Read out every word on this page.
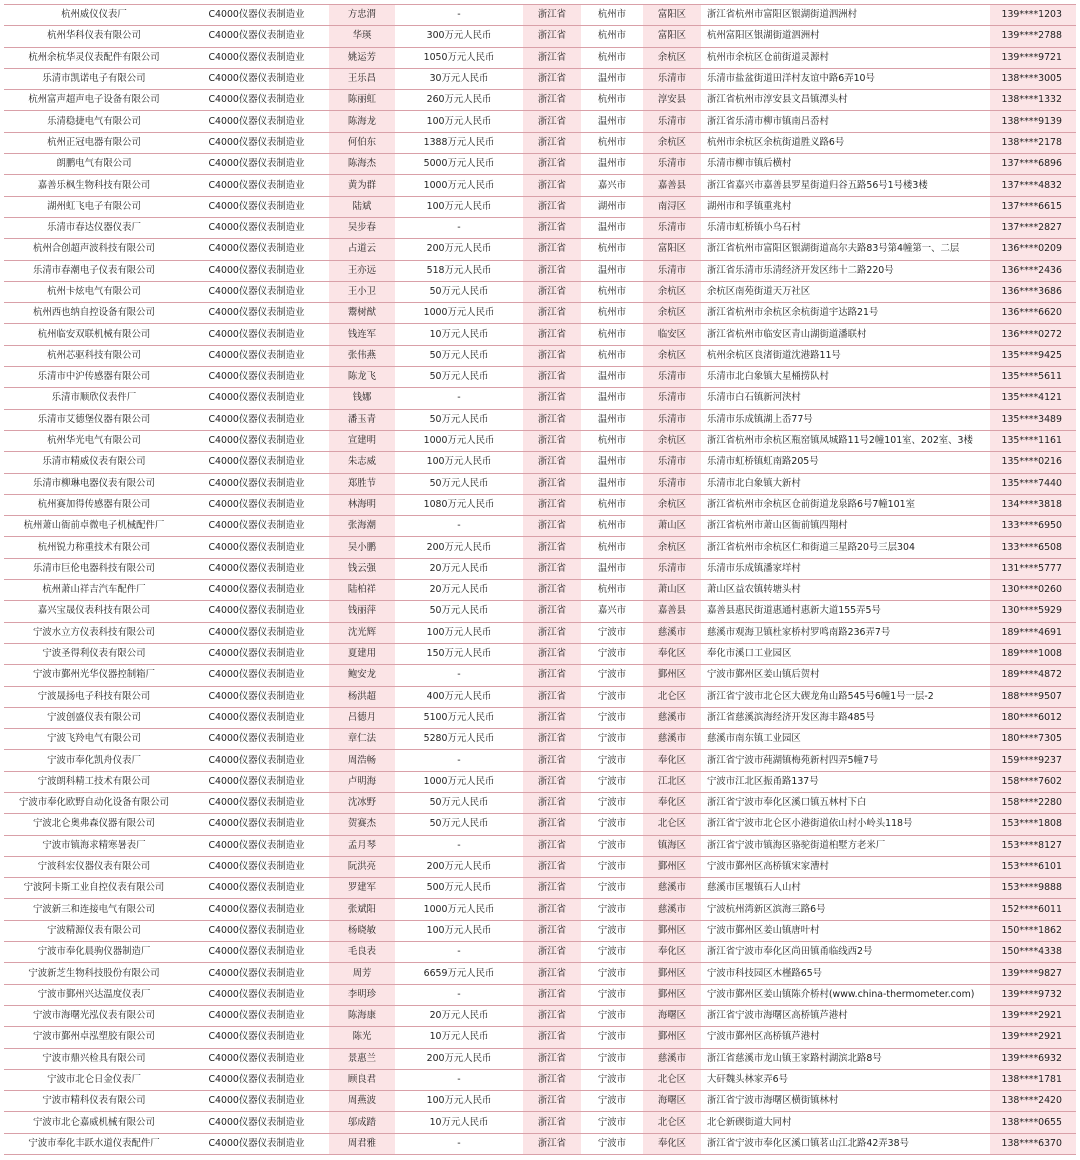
杭州威仪仪表厂	C4000仪器仪表制造业	方忠渭	-	浙江省	杭州市	富阳区	浙江省杭州市富阳区银湖街道泗洲村	139****1203
杭州华科仪表有限公司	C4000仪器仪表制造业	华瑛	300万元人民币	浙江省	杭州市	富阳区	杭州富阳区银湖街道泗洲村	139****2788
杭州余杭华灵仪表配件有限公司	C4000仪器仪表制造业	姚运芳	1050万元人民币	浙江省	杭州市	余杭区	杭州市余杭区仓前街道灵源村	139****9721
乐清市凯诺电子有限公司	C4000仪器仪表制造业	王乐昌	30万元人民币	浙江省	温州市	乐清市	乐清市盐盆街道田洋村友谊中路6弄10号	138****3005
杭州富声超声电子设备有限公司	C4000仪器仪表制造业	陈丽虹	260万元人民币	浙江省	杭州市	淳安县	浙江省杭州市淳安县文昌镇潭头村	138****1332
乐清稳捷电气有限公司	C4000仪器仪表制造业	陈海龙	100万元人民币	浙江省	温州市	乐清市	浙江省乐清市柳市镇南吕岙村	138****9139
杭州正冠电器有限公司	C4000仪器仪表制造业	何伯东	1388万元人民币	浙江省	杭州市	余杭区	杭州市余杭区余杭街道胜义路6号	138****2178
朗鹏电气有限公司	C4000仪器仪表制造业	陈海杰	5000万元人民币	浙江省	温州市	乐清市	乐清市柳市镇后横村	137****6896
嘉善乐枫生物科技有限公司	C4000仪器仪表制造业	黄为群	1000万元人民币	浙江省	嘉兴市	嘉善县	浙江省嘉兴市嘉善县罗星街道归谷五路56号1号楼3楼	137****4832
湖州虹飞电子有限公司	C4000仪器仪表制造业	陆斌	100万元人民币	浙江省	湖州市	南浔区	湖州市和孚镇重兆村	137****6615
乐清市春达仪器仪表厂	C4000仪器仪表制造业	吴步春	-	浙江省	温州市	乐清市	乐清市虹桥镇小乌石村	137****2827
杭州合创超声波科技有限公司	C4000仪器仪表制造业	占道云	200万元人民币	浙江省	杭州市	富阳区	浙江省杭州市富阳区银湖街道高尔夫路83号第4幢第一、二层	136****0209
乐清市春潮电子仪表有限公司	C4000仪器仪表制造业	王亦远	518万元人民币	浙江省	温州市	乐清市	浙江省乐清市乐清经济开发区纬十二路220号	136****2436
杭州卡炫电气有限公司	C4000仪器仪表制造业	王小卫	50万元人民币	浙江省	杭州市	余杭区	余杭区南苑街道天万社区	136****3686
杭州西也纳自控设备有限公司	C4000仪器仪表制造业	鬻树猷	1000万元人民币	浙江省	杭州市	余杭区	浙江省杭州市余杭区余杭街道宇达路21号	136****6620
杭州临安双联机械有限公司	C4000仪器仪表制造业	钱连军	10万元人民币	浙江省	杭州市	临安区	浙江省杭州市临安区青山湖街道潘联村	136****0272
杭州芯驱科技有限公司	C4000仪器仪表制造业	张伟燕	50万元人民币	浙江省	杭州市	余杭区	杭州余杭区良渚街道沈港路11号	135****9425
乐清市中沪传感器有限公司	C4000仪器仪表制造业	陈龙飞	50万元人民币	浙江省	温州市	乐清市	乐清市北白象镇大星桶捞队村	135****5611
乐清市顺欣仪表件厂	C4000仪器仪表制造业	钱娜	-	浙江省	温州市	乐清市	乐清市白石镇新河浃村	135****4121
乐清市艾德堡仪器有限公司	C4000仪器仪表制造业	潘玉青	50万元人民币	浙江省	温州市	乐清市	乐清市乐成镇湖上岙77号	135****3489
杭州华光电气有限公司	C4000仪器仪表制造业	宣建明	1000万元人民币	浙江省	杭州市	余杭区	浙江省杭州市余杭区瓶窑镇凤城路11号2幢101室、202室、3楼	135****1161
乐清市精威仪表有限公司	C4000仪器仪表制造业	朱志威	100万元人民币	浙江省	温州市	乐清市	乐清市虹桥镇虹南路205号	135****0216
乐清市柳琳电器仪表有限公司	C4000仪器仪表制造业	郑胜节	50万元人民币	浙江省	温州市	乐清市	乐清市北白象镇大新村	135****7440
杭州赛加得传感器有限公司	C4000仪器仪表制造业	林海明	1080万元人民币	浙江省	杭州市	余杭区	浙江省杭州市余杭区仓前街道龙泉路6号7幢101室	134****3818
杭州萧山衙前卓微电子机械配件厂	C4000仪器仪表制造业	张海潮	-	浙江省	杭州市	萧山区	浙江省杭州市萧山区衙前镇四翔村	133****6950
杭州锐力称重技术有限公司	C4000仪器仪表制造业	吴小鹏	200万元人民币	浙江省	杭州市	余杭区	浙江省杭州市余杭区仁和街道三星路20号三层304	133****6508
乐清市巨伦电器科技有限公司	C4000仪器仪表制造业	钱云强	20万元人民币	浙江省	温州市	乐清市	乐清市乐成镇潘家垟村	131****5777
杭州萧山祥吉汽车配件厂	C4000仪器仪表制造业	陆柏祥	20万元人民币	浙江省	杭州市	萧山区	萧山区益农镇转塘头村	130****0260
嘉兴宝晟仪表科技有限公司	C4000仪器仪表制造业	钱丽萍	50万元人民币	浙江省	嘉兴市	嘉善县	嘉善县惠民街道惠通村惠新大道155弄5号	130****5929
宁波水立方仪表科技有限公司	C4000仪器仪表制造业	沈光辉	100万元人民币	浙江省	宁波市	慈溪市	慈溪市观海卫镇杜家桥村罗鸣南路236弄7号	189****4691
宁波圣得利仪表有限公司	C4000仪器仪表制造业	夏建用	150万元人民币	浙江省	宁波市	奉化区	奉化市溪口工业园区	189****1008
宁波市鄞州光华仪器控制箱厂	C4000仪器仪表制造业	鲍安龙	-	浙江省	宁波市	鄞州区	宁波市鄞州区姜山镇后贺村	189****4872
宁波晟扬电子科技有限公司	C4000仪器仪表制造业	杨洪超	400万元人民币	浙江省	宁波市	北仑区	浙江省宁波市北仑区大碶龙角山路545号6幢1号一层-2	188****9507
宁波创盛仪表有限公司	C4000仪器仪表制造业	吕德月	5100万元人民币	浙江省	宁波市	慈溪市	浙江省慈溪滨海经济开发区海丰路485号	180****6012
宁波飞羚电气有限公司	C4000仪器仪表制造业	章仁法	5280万元人民币	浙江省	宁波市	慈溪市	慈溪市南东镇工业园区	180****7305
宁波市奉化凯舟仪表厂	C4000仪器仪表制造业	周浩畅	-	浙江省	宁波市	奉化区	浙江省宁波市莼湖镇梅苑新村四弄5幢7号	159****9237
宁波朗科精工技术有限公司	C4000仪器仪表制造业	卢明海	1000万元人民币	浙江省	宁波市	江北区	宁波市江北区振甬路137号	158****7602
宁波市奉化欧野自动化设备有限公司	C4000仪器仪表制造业	沈冰野	50万元人民币	浙江省	宁波市	奉化区	浙江省宁波市奉化区溪口镇五林村下白	158****2280
宁波北仑奥弗森仪器有限公司	C4000仪器仪表制造业	贺赛杰	50万元人民币	浙江省	宁波市	北仑区	浙江省宁波市北仑区小港街道依山村小岭头118号	153****1808
宁波市镇海求精寒暑表厂	C4000仪器仪表制造业	孟月琴	-	浙江省	宁波市	镇海区	浙江省宁波市镇海区骆驼街道桕墅方老米厂	153****8127
宁波科宏仪器仪表有限公司	C4000仪器仪表制造业	阮洪亮	200万元人民币	浙江省	宁波市	鄞州区	宁波市鄞州区高桥镇宋家漕村	153****6101
宁波阿卡斯工业自控仪表有限公司	C4000仪器仪表制造业	罗建军	500万元人民币	浙江省	宁波市	慈溪市	慈溪市匡堰镇石人山村	153****9888
宁波新三和连接电气有限公司	C4000仪器仪表制造业	张斌阳	1000万元人民币	浙江省	宁波市	慈溪市	宁波杭州湾新区滨海三路6号	152****6011
宁波精源仪表有限公司	C4000仪器仪表制造业	杨晓敏	100万元人民币	浙江省	宁波市	鄞州区	宁波市鄞州区姜山镇唐叶村	150****1862
宁波市奉化晨驹仪器制造厂	C4000仪器仪表制造业	毛良表	-	浙江省	宁波市	奉化区	浙江省宁波市奉化区尚田镇甬临线西2号	150****4338
宁波新芝生物科技股份有限公司	C4000仪器仪表制造业	周芳	6659万元人民币	浙江省	宁波市	鄞州区	宁波市科技园区木槿路65号	139****9827
宁波市鄞州兴达温度仪表厂	C4000仪器仪表制造业	李明珍	-	浙江省	宁波市	鄞州区	宁波市鄞州区姜山镇陈介桥村(www.china-thermometer.com)	139****9732
宁波市海曙光泓仪表有限公司	C4000仪器仪表制造业	陈海康	20万元人民币	浙江省	宁波市	海曙区	浙江省宁波市海曙区高桥镇芦港村	139****2921
宁波市鄞州卓泓塑胶有限公司	C4000仪器仪表制造业	陈光	10万元人民币	浙江省	宁波市	鄞州区	宁波市鄞州区高桥镇芦港村	139****2921
宁波市鼎兴检具有限公司	C4000仪器仪表制造业	景惠兰	200万元人民币	浙江省	宁波市	慈溪市	浙江省慈溪市龙山镇王家路村湖滨北路8号	139****6932
宁波市北仑日金仪表厂	C4000仪器仪表制造业	顾良君	-	浙江省	宁波市	北仑区	大矸魏头林家弄6号	138****1781
宁波市精科仪表有限公司	C4000仪器仪表制造业	周燕波	100万元人民币	浙江省	宁波市	海曙区	浙江省宁波市海曙区横街镇林村	138****2420
宁波市北仑嘉威机械有限公司	C4000仪器仪表制造业	邬成踏	10万元人民币	浙江省	宁波市	北仑区	北仑新碶街道大同村	138****0655
宁波市奉化丰跃水道仪表配件厂	C4000仪器仪表制造业	周君雅	-	浙江省	宁波市	奉化区	浙江省宁波市奉化区溪口镇茗山江北路42弄38号	138****6370
